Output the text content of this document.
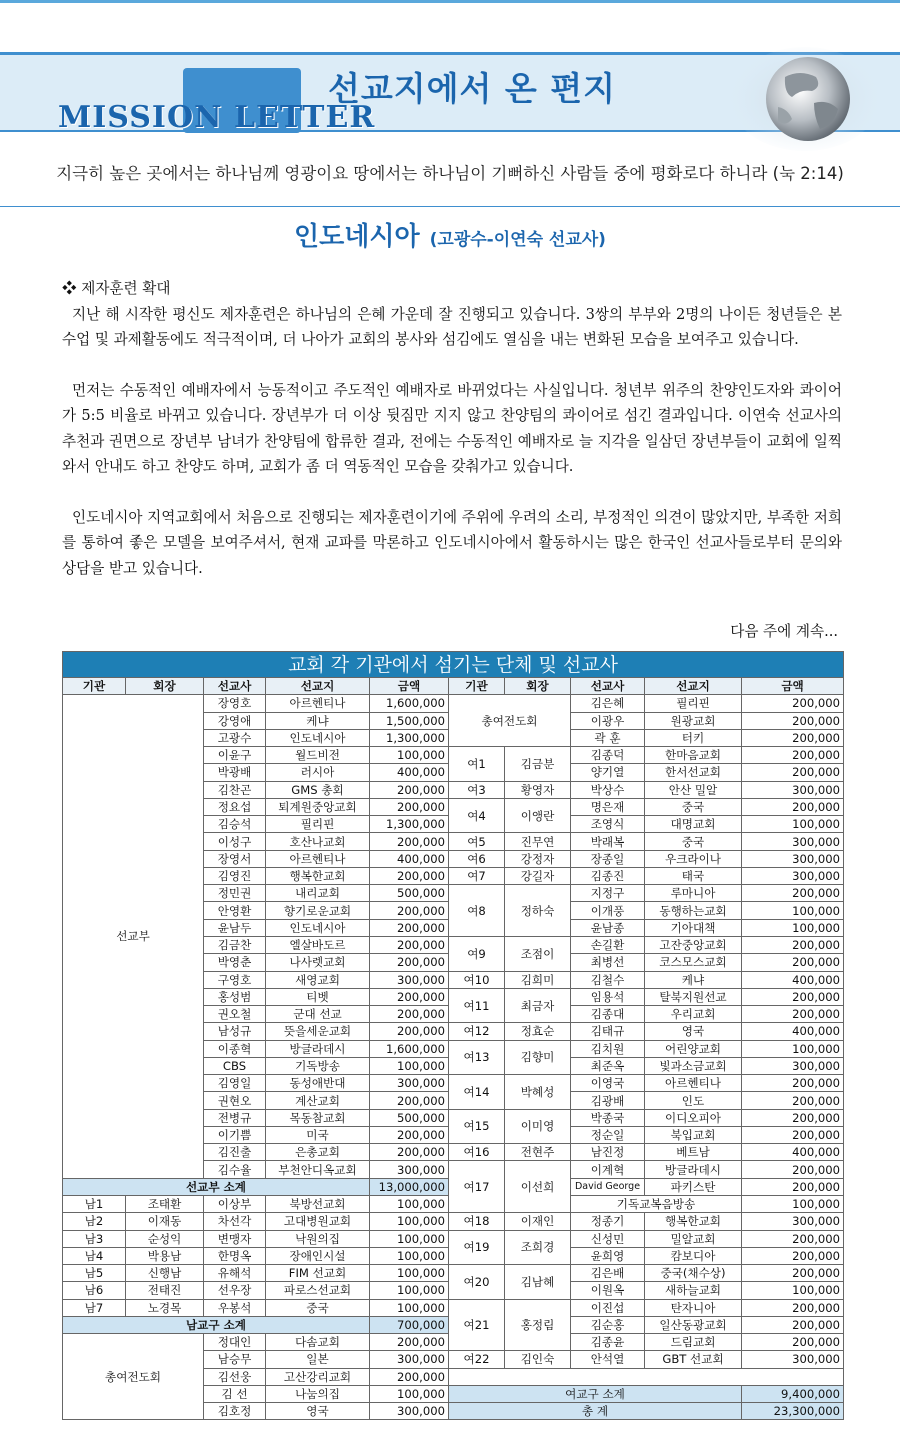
MISSION LETTER
선교지에서 온 편지
지극히 높은 곳에서는 하나님께 영광이요 땅에서는 하나님이 기뻐하신 사람들 중에 평화로다 하니라 (눅 2:14)
인도네시아 (고광수-이연숙 선교사)

❖ 제자훈련 확대

지난 해 시작한 평신도 제자훈련은 하나님의 은혜 가운데 잘 진행되고 있습니다. 3쌍의 부부와 2명의 나이든 청년들은 본 수업 및 과제활동에도 적극적이며, 더 나아가 교회의 봉사와 섬김에도 열심을 내는 변화된 모습을 보여주고 있습니다.

먼저는 수동적인 예배자에서 능동적이고 주도적인 예배자로 바뀌었다는 사실입니다. 청년부 위주의 찬양인도자와 콰이어가 5:5 비율로 바뀌고 있습니다. 장년부가 더 이상 뒷짐만 지지 않고 찬양팀의 콰이어로 섬긴 결과입니다. 이연숙 선교사의 추천과 권면으로 장년부 남녀가 찬양팀에 합류한 결과, 전에는 수동적인 예배자로 늘 지각을 일삼던 장년부들이 교회에 일찍 와서 안내도 하고 찬양도 하며, 교회가 좀 더 역동적인 모습을 갖춰가고 있습니다.

인도네시아 지역교회에서 처음으로 진행되는 제자훈련이기에 주위에 우려의 소리, 부정적인 의견이 많았지만, 부족한 저희를 통하여 좋은 모델을 보여주셔서, 현재 교파를 막론하고 인도네시아에서 활동하시는 많은 한국인 선교사들로부터 문의와 상담을 받고 있습니다.

다음 주에 계속...
교회 각 기관에서 섬기는 단체 및 선교사									
기관	회장	선교사	선교지	금액	기관	회장	선교사	선교지	금액
선교부		장영호	아르헨티나	1,600,000	총여전도회		김은혜	필리핀	200,000
		강영애	케냐	1,500,000			이광우	원광교회	200,000
		고광수	인도네시아	1,300,000			곽 훈	터키	200,000
		이윤구	월드비전	100,000	여1	김금분	김종덕	한마음교회	200,000
		박광배	러시아	400,000			양기열	한서선교회	200,000
		김찬곤	GMS 총회	200,000	여3	황영자	박상수	안산 밀알	300,000
		정요섭	퇴계원중앙교회	200,000	여4	이앵란	명은재	중국	200,000
		김승석	필리핀	1,300,000			조영식	대명교회	100,000
		이성구	호산나교회	200,000	여5	진무연	박래복	중국	300,000
		장영서	아르헨티나	400,000	여6	강정자	장종일	우크라이나	300,000
		김영진	행복한교회	200,000	여7	강길자	김종진	태국	300,000
		정민권	내리교회	500,000	여8	정하숙	지정구	루마니아	200,000
		안영환	향기로운교회	200,000			이개풍	동행하는교회	100,000
		윤남두	인도네시아	200,000			윤남종	기아대책	100,000
		김금찬	엘살바도르	200,000	여9	조점이	손길환	고잔중앙교회	200,000
		박영춘	나사렛교회	200,000			최병선	코스모스교회	200,000
		구영호	새영교회	300,000	여10	김희미	김철수	케냐	400,000
		홍성범	티벳	200,000	여11	최금자	임용석	탈북지원선교	200,000
		권오철	군대 선교	200,000			김종대	우리교회	200,000
		남성규	뜻을세운교회	200,000	여12	정효순	김태규	영국	400,000
		이종혁	방글라데시	1,600,000	여13	김향미	김치원	어린양교회	100,000
		CBS	기독방송	100,000			최준옥	빛과소금교회	300,000
		김영일	동성애반대	300,000	여14	박혜성	이영국	아르헨티나	200,000
		권현오	계산교회	200,000			김광배	인도	200,000
		전병규	목동참교회	500,000	여15	이미영	박종국	이디오피아	200,000
		이기쁨	미국	200,000			정순일	북입교회	200,000
		김진출	은총교회	200,000	여16	전현주	남진정	베트남	400,000
		김수율	부천안디옥교회	300,000	여17	이선희	이계혁	방글라데시	200,000
선교부 소계				13,000,000			David George	파키스탄	200,000
남1	조태환	이상부	북방선교회	100,000			기독교복음방송		100,000
남2	이재동	차선각	고대병원교회	100,000	여18	이재인	정종기	행복한교회	300,000
남3	순성익	변맹자	낙원의집	100,000	여19	조희경	신성민	밀알교회	200,000
남4	박용남	한명옥	장애인시설	100,000			윤희영	캄보디아	200,000
남5	신행남	유해석	FIM 선교회	100,000	여20	김남혜	김은배	중국(채수상)	200,000
남6	전태진	선우장	파로스선교회	100,000			이원옥	새하늘교회	100,000
남7	노경목	우봉석	중국	100,000	여21	홍정림	이진섭	탄자니아	200,000
남교구 소계				700,000			김순홍	일산동광교회	200,000
총여전도회		정대인	다솜교회	200,000			김종윤	드림교회	200,000
		남승무	일본	300,000	여22	김인숙	안석열	GBT 선교회	300,000
		김선웅	고산강리교회	200,000					
		김 선	나눔의집	100,000	여교구 소계				9,400,000
		김호정	영국	300,000	총 계				23,300,000
